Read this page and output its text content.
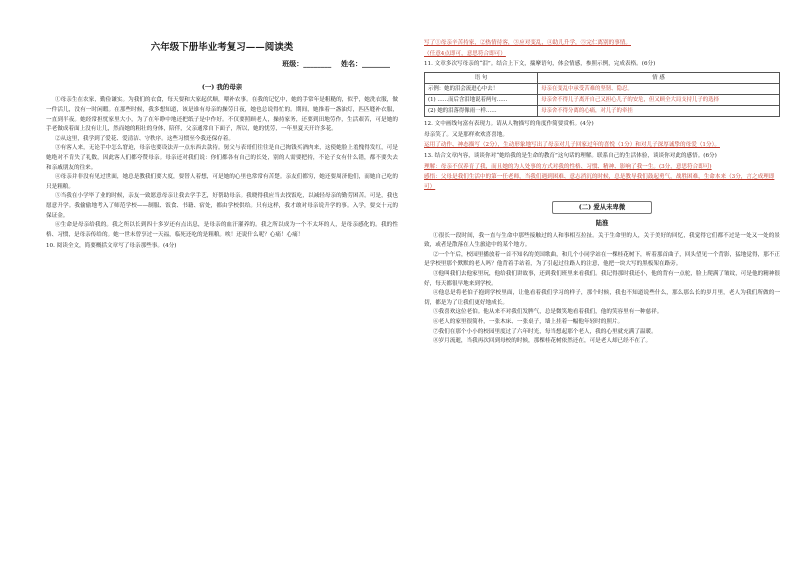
六年级下册毕业考复习——阅读类
班级：________ 姓名：________
(一) 我的母亲

①母亲生在农家，勤俭谦实。为我们的衣食，每天要和大家起伏顺，喂补农事。在我的记忆中，她的手常年是粗糙的，似乎，她洗衣服，做一件活儿，没有一时闲暇。在那些时候，我多想知道，该是谁有母亲的操劳日夜，她也总说得忙的。期间，她推着一盏油灯，匹匹缝补衣服，一直到半夜。她经常担忧家里大小，为了在年睁中地还把纸子是中作好。不仅要照顾老人，操持家务，还要到田地劳作，生活艰苦，可是她的手老做成着面上没有让儿，然而她的粗壮的身体，陪伴，父亲通常自下面子，所以，她的忧劳，一年里夏天开许多花。

②从这里，我学到了爱花、爱清洁、守秩序。这些习惯至今我还保存着。

③有客人来，无论手中怎么窘迫，母亲也要设法弄一点东西去款待。舅父与表哥们往往是自己掏钱买酒肉来，这使她脸上羞愧得发红，可是她绝对不肯失了礼数，因此客人们都夸赞母亲。母亲还对我们说：你们都各有自己的长处，别的人需要把持，不论子女有什么错，都不要失去和亲戚朋友的往来。

④母亲并非没有见过世面，她总是教我们要大度，要替人着想，可是她的心里也常常有苦楚。亲友们都穷，她还要周济他们，而她自己吃的只是粗粮。

⑤当我在小学毕了业的时候，亲友一致愿意母亲让我去学手艺，好帮助母亲。我晓得我应当去找饭吃，以减轻母亲的勤劳困苦。可是，我也愿意升学。我偷偷地考入了师范学校——制服、饭食、书籍、宿处，都由学校供给。只有这样，我才敢对母亲说升学的事。入学，要交十元的保证金。

⑥生命是母亲给我的。我之所以长到四十多岁还有点出息，是母亲的血汗灌养的。我之所以成为一个不太坏的人，是母亲感化的。我的性格、习惯，是母亲传给的。她一世未曾享过一天福，临死还吃的是粗粮。唉！还说什么呢？心痛！心痛！

10. 阅读全文，简要概括文章写了母亲那些事。(4分)
写了①母亲辛苦持家，②热情待客，③应对变乱，④助儿升学，⑤完仁离别的事情。
（任意4点即可，意思符合即可）
11. 文章多次写母亲的“泪”。结合上下文，揣摩语句，体会情感，参照示例，完成表格。(6分)
语 句	情 感
示例：她的泪会流进心中去！	母亲在变乱中承受苦难的坚韧、隐忍。
(1) ……而后含泪地说着两句……	母亲舍不得儿子离开自己又担心儿子的安危，但又顾全大局支持儿子的选择
(2) 她的泪落得像雨一样……	母亲舍不得分离的心痛，对儿子的牵挂
12. 文中画线句富有表现力。请从人物描写的角度作简要赏析。(4分)
母亲笑了。又是那样欢欢喜喜地。
运用了动作、神态描写（2分），生动形象地写出了母亲对儿子回家过年的喜悦（1分）和对儿子深厚诚挚的母爱（1分）。
13. 结合文章内容，谈谈你对“她给我的是生命的教育”这句话的理解。联系自己的生活体验，谈谈你对此的感悟。(6分)
理解：母亲不仅养育了我，而且她的为人处事的方式对我的性格、习惯、精神、影响了我一生。(3分，意思符合即可)
感悟：父母是我们生活中的第一任老师，当我们遇到困难、意志消沉的时候，总是教导我们鼓起勇气，战胜困难，生命本来（3分，言之成理即可）
(二) 爱从未卑微
陆淮

①很长一段时间，我一直与生命中那些接触过的人和事相互拉扯。关于生命里的人，关于美好的回忆，我觉得它们都不过是一处又一处的景致，或者是散落在人生旅途中的某个地方。

②一个午后，校园里播放着一首不知名的美国歌曲，和几个小同学站在一棵桂花树下，听着那首曲子，回头望见一个背影，猛地觉得，那不正是学校里那个默默的老人吗？他背着手站着，为了引起过往路人的注意，他把一块大写的黑板架在路旁。

③他叫我们去他家里玩，他给我们讲故事，还到我们班里来看我们。我记得那时我还小，他的背有一点驼，脸上爬满了皱纹，可是他的精神很好，每天都很早地来到学校。

④他总是将老伯子抱到学校里面，让他看着我们学习的样子，那个时候，我也不知道说些什么，那么那么长的岁月里，老人为我们所做的一切，都是为了让我们更好地成长。

⑤我喜欢这位老伯。他从来不对我们发脾气，总是微笑地看着我们，他的笑容里有一种慈祥。

⑥老人的家里很简朴，一张木床、一张桌子，墙上挂着一幅他年轻时的照片。

⑦我们在那个小小的校园里度过了六年时光，每当想起那个老人，我的心里就充满了温暖。

⑧岁月流逝，当我再次回到母校的时候，那棵桂花树依然还在，可是老人却已经不在了。
